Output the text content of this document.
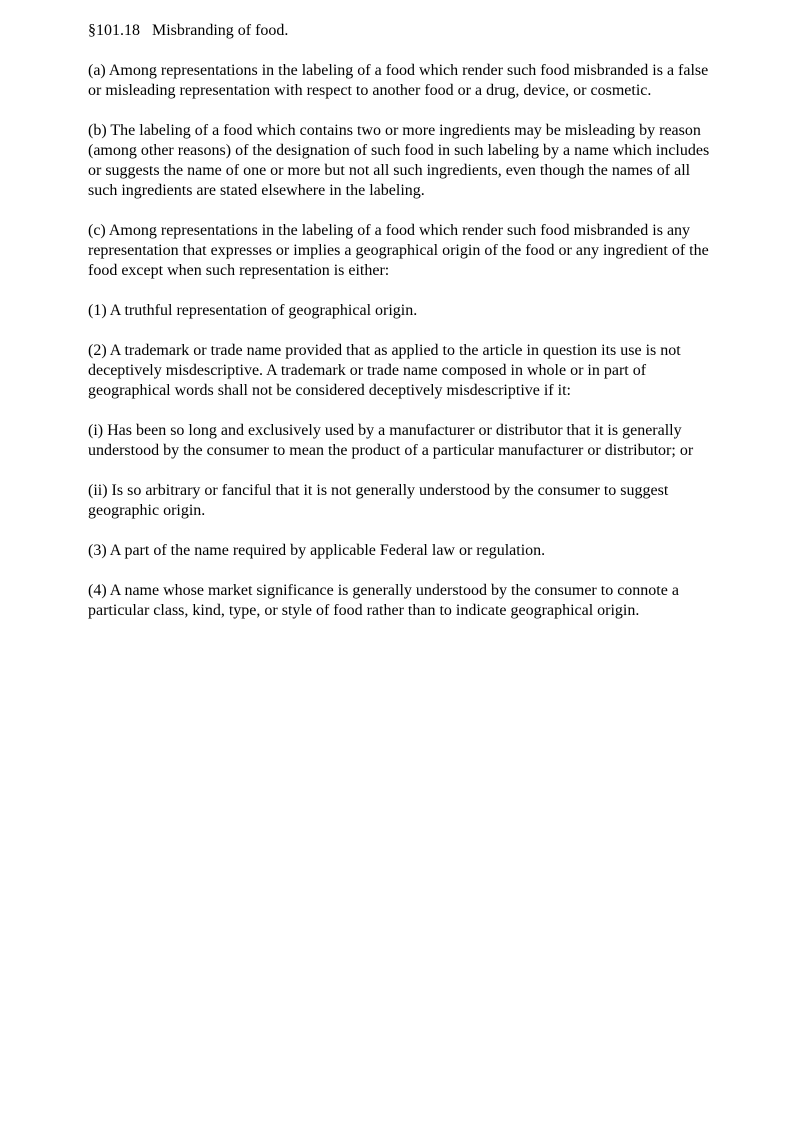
§101.18   Misbranding of food.

(a) Among representations in the labeling of a food which render such food misbranded is a false or misleading representation with respect to another food or a drug, device, or cosmetic.

(b) The labeling of a food which contains two or more ingredients may be misleading by reason (among other reasons) of the designation of such food in such labeling by a name which includes or suggests the name of one or more but not all such ingredients, even though the names of all such ingredients are stated elsewhere in the labeling.

(c) Among representations in the labeling of a food which render such food misbranded is any representation that expresses or implies a geographical origin of the food or any ingredient of the food except when such representation is either:

(1) A truthful representation of geographical origin.

(2) A trademark or trade name provided that as applied to the article in question its use is not deceptively misdescriptive. A trademark or trade name composed in whole or in part of geographical words shall not be considered deceptively misdescriptive if it:

(i) Has been so long and exclusively used by a manufacturer or distributor that it is generally understood by the consumer to mean the product of a particular manufacturer or distributor; or

(ii) Is so arbitrary or fanciful that it is not generally understood by the consumer to suggest geographic origin.

(3) A part of the name required by applicable Federal law or regulation.

(4) A name whose market significance is generally understood by the consumer to connote a particular class, kind, type, or style of food rather than to indicate geographical origin.
